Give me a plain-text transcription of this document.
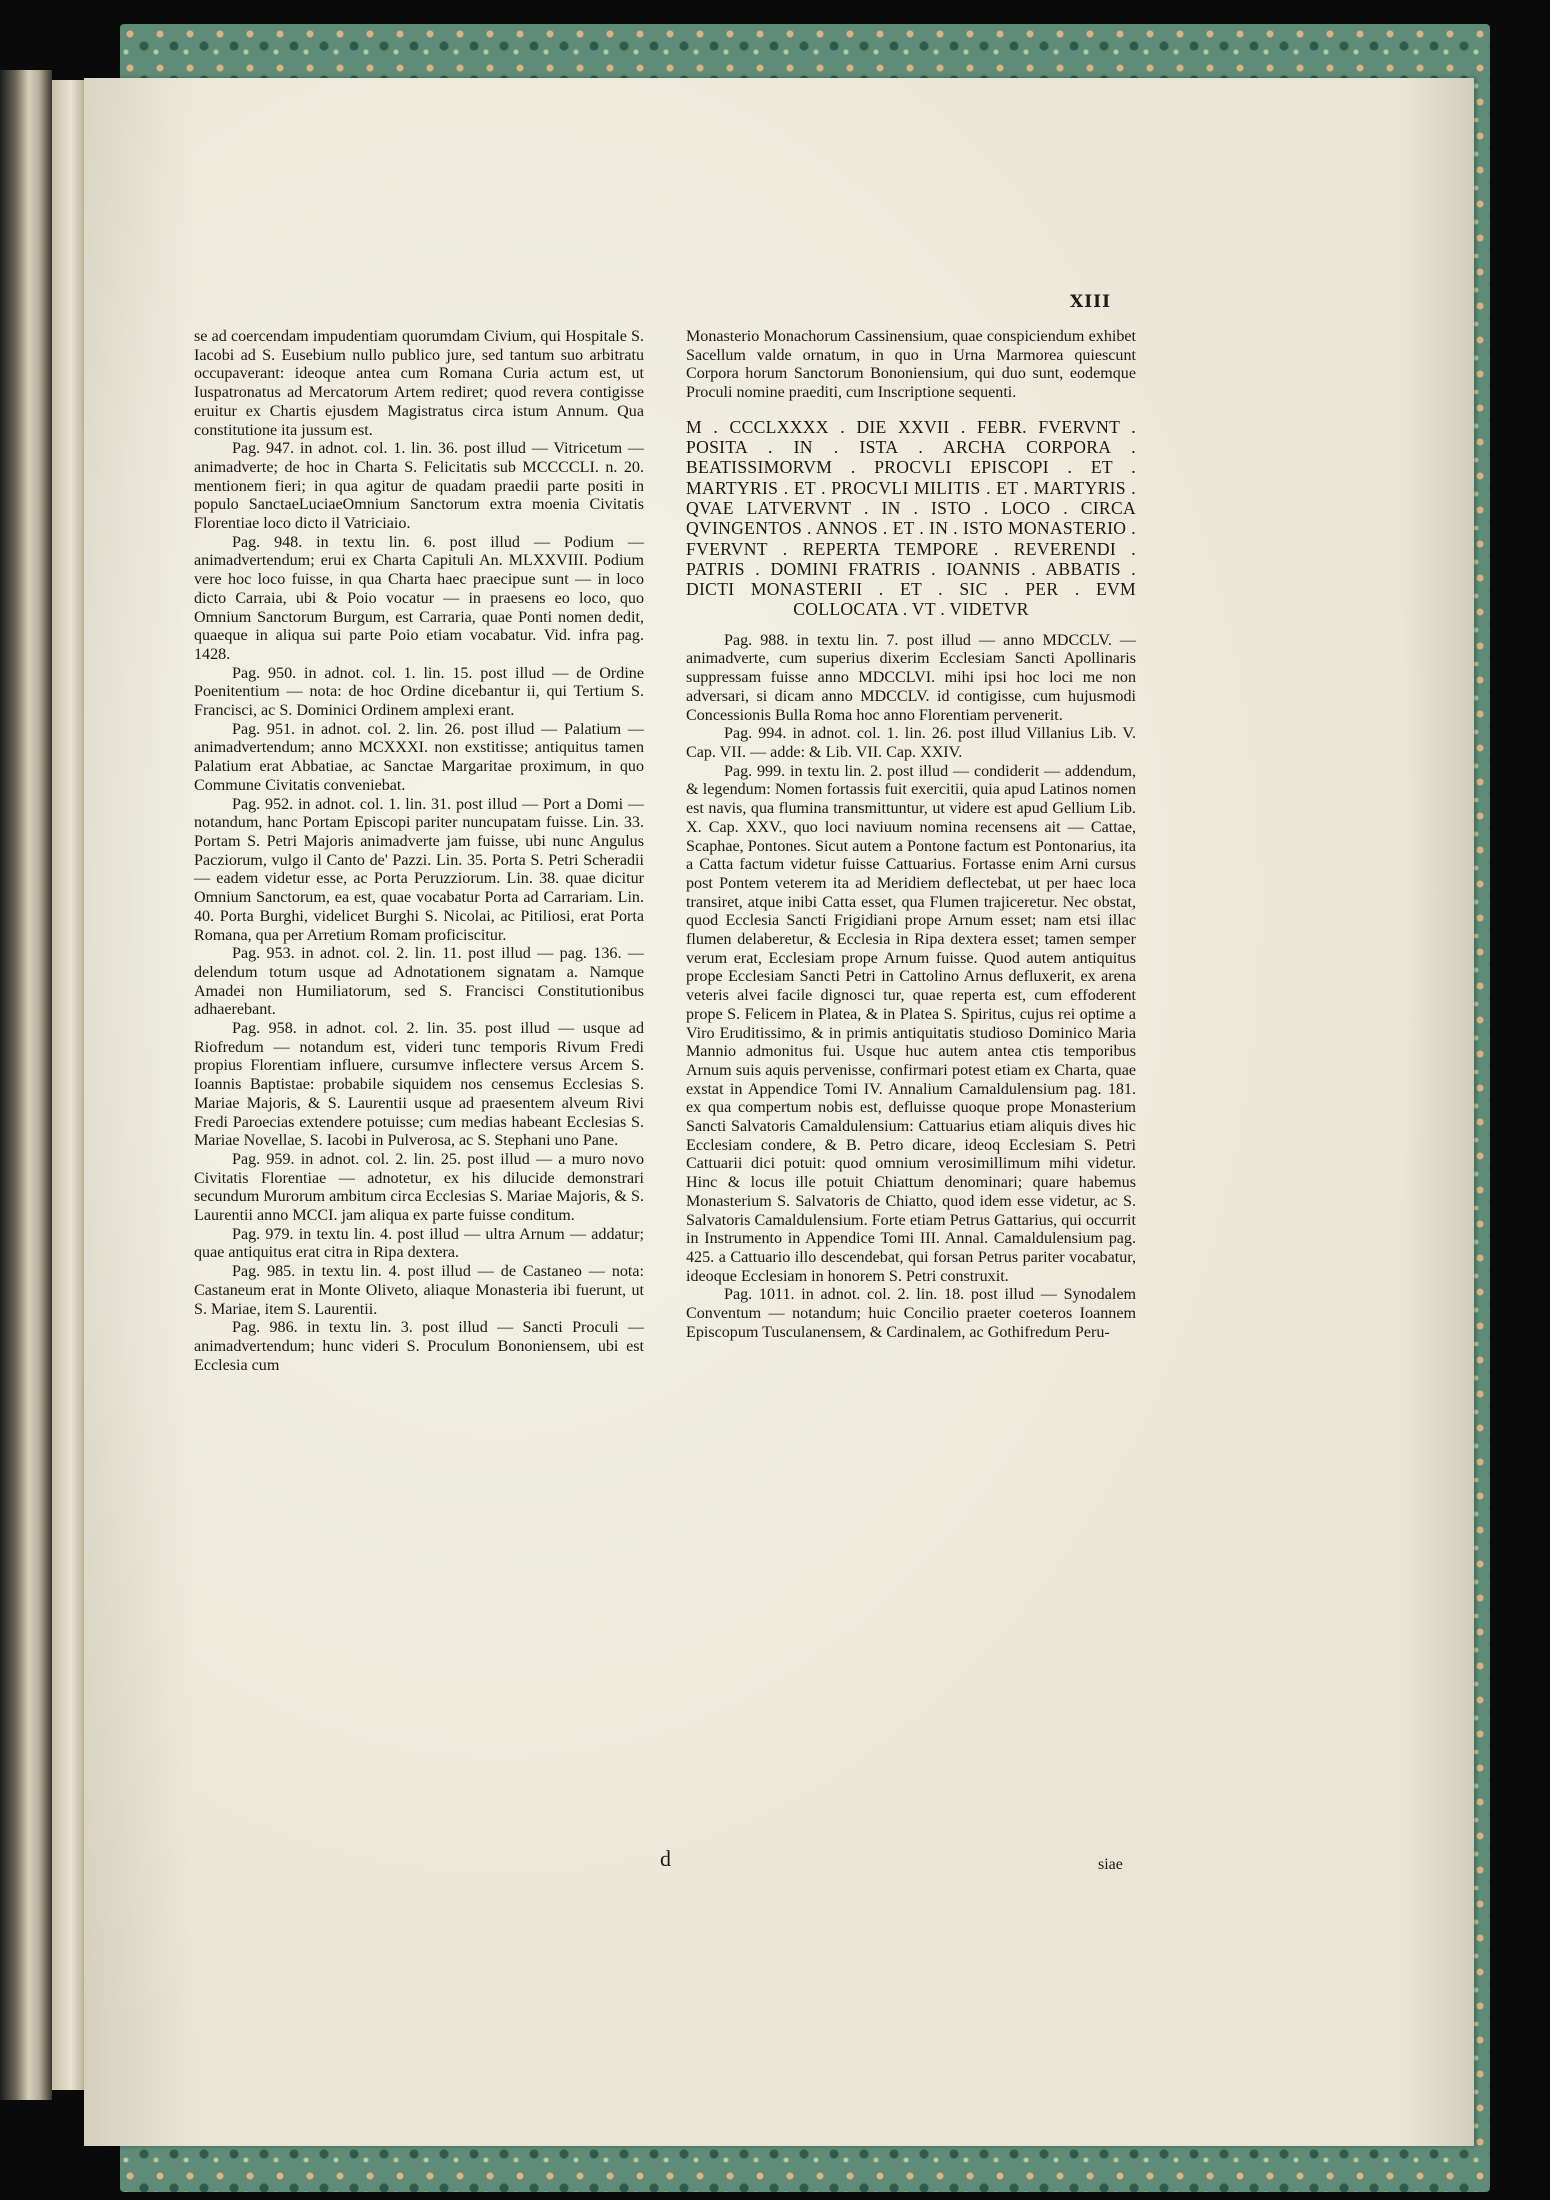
XIII

se ad coercendam impudentiam quorumdam Civium, qui Hospitale S. Iacobi ad S. Eusebium nullo publico jure, sed tantum suo arbitratu occupaverant: ideoque antea cum Romana Curia actum est, ut Iuspatronatus ad Mercatorum Artem rediret; quod revera contigisse eruitur ex Chartis ejusdem Magistratus circa istum Annum. Qua constitutione ita jussum est.

Pag. 947. in adnot. col. 1. lin. 36. post illud — Vitricetum — animadverte; de hoc in Charta S. Felicitatis sub MCCCCLI. n. 20. mentionem fieri; in qua agitur de quadam praedii parte positi in populo SanctaeLuciaeOmnium Sanctorum extra moenia Civitatis Florentiae loco dicto il Vatriciaio.

Pag. 948. in textu lin. 6. post illud — Podium — animadvertendum; erui ex Charta Capituli An. MLXXVIII. Podium vere hoc loco fuisse, in qua Charta haec praecipue sunt — in loco dicto Carraia, ubi & Poio vocatur — in praesens eo loco, quo Omnium Sanctorum Burgum, est Carraria, quae Ponti nomen dedit, quaeque in aliqua sui parte Poio etiam vocabatur. Vid. infra pag. 1428.

Pag. 950. in adnot. col. 1. lin. 15. post illud — de Ordine Poenitentium — nota: de hoc Ordine dicebantur ii, qui Tertium S. Francisci, ac S. Dominici Ordinem amplexi erant.

Pag. 951. in adnot. col. 2. lin. 26. post illud — Palatium — animadvertendum; anno MCXXXI. non exstitisse; antiquitus tamen Palatium erat Abbatiae, ac Sanctae Margaritae proximum, in quo Commune Civitatis conveniebat.

Pag. 952. in adnot. col. 1. lin. 31. post illud — Port a Domi — notandum, hanc Portam Episcopi pariter nuncupatam fuisse. Lin. 33. Portam S. Petri Majoris animadverte jam fuisse, ubi nunc Angulus Pacziorum, vulgo il Canto de' Pazzi. Lin. 35. Porta S. Petri Scheradii — eadem videtur esse, ac Porta Peruzziorum. Lin. 38. quae dicitur Omnium Sanctorum, ea est, quae vocabatur Porta ad Carrariam. Lin. 40. Porta Burghi, videlicet Burghi S. Nicolai, ac Pitiliosi, erat Porta Romana, qua per Arretium Romam proficiscitur.

Pag. 953. in adnot. col. 2. lin. 11. post illud — pag. 136. — delendum totum usque ad Adnotationem signatam a. Namque Amadei non Humiliatorum, sed S. Francisci Constitutionibus adhaerebant.

Pag. 958. in adnot. col. 2. lin. 35. post illud — usque ad Riofredum — notandum est, videri tunc temporis Rivum Fredi propius Florentiam influere, cursumve inflectere versus Arcem S. Ioannis Baptistae: probabile siquidem nos censemus Ecclesias S. Mariae Majoris, & S. Laurentii usque ad praesentem alveum Rivi Fredi Paroecias extendere potuisse; cum medias habeant Ecclesias S. Mariae Novellae, S. Iacobi in Pulverosa, ac S. Stephani uno Pane.

Pag. 959. in adnot. col. 2. lin. 25. post illud — a muro novo Civitatis Florentiae — adnotetur, ex his dilucide demonstrari secundum Murorum ambitum circa Ecclesias S. Mariae Majoris, & S. Laurentii anno MCCI. jam aliqua ex parte fuisse conditum.

Pag. 979. in textu lin. 4. post illud — ultra Arnum — addatur; quae antiquitus erat citra in Ripa dextera.

Pag. 985. in textu lin. 4. post illud — de Castaneo — nota: Castaneum erat in Monte Oliveto, aliaque Monasteria ibi fuerunt, ut S. Mariae, item S. Laurentii.

Pag. 986. in textu lin. 3. post illud — Sancti Proculi — animadvertendum; hunc videri S. Proculum Bononiensem, ubi est Ecclesia cum

Monasterio Monachorum Cassinensium, quae conspiciendum exhibet Sacellum valde ornatum, in quo in Urna Marmorea quiescunt Corpora horum Sanctorum Bononiensium, qui duo sunt, eodemque Proculi nomine praediti, cum Inscriptione sequenti.

M . CCCLXXXX . DIE XXVII . FEBR. FVERVNT . POSITA . IN . ISTA . ARCHA CORPORA . BEATISSIMORVM . PROCVLI EPISCOPI . ET . MARTYRIS . ET . PROCVLI MILITIS . ET . MARTYRIS . QVAE LATVERVNT . IN . ISTO . LOCO . CIRCA QVINGENTOS . ANNOS . ET . IN . ISTO MONASTERIO . FVERVNT . REPERTA TEMPORE . REVERENDI . PATRIS . DOMINI FRATRIS . IOANNIS . ABBATIS . DICTI MONASTERII . ET . SIC . PER . EVM COLLOCATA . VT . VIDETVR

Pag. 988. in textu lin. 7. post illud — anno MDCCLV. — animadverte, cum superius dixerim Ecclesiam Sancti Apollinaris suppressam fuisse anno MDCCLVI. mihi ipsi hoc loci me non adversari, si dicam anno MDCCLV. id contigisse, cum hujusmodi Concessionis Bulla Roma hoc anno Florentiam pervenerit.

Pag. 994. in adnot. col. 1. lin. 26. post illud Villanius Lib. V. Cap. VII. — adde: & Lib. VII. Cap. XXIV.

Pag. 999. in textu lin. 2. post illud — condiderit — addendum, & legendum: Nomen fortassis fuit exercitii, quia apud Latinos nomen est navis, qua flumina transmittuntur, ut videre est apud Gellium Lib. X. Cap. XXV., quo loci naviuum nomina recensens ait — Cattae, Scaphae, Pontones. Sicut autem a Pontone factum est Pontonarius, ita a Catta factum videtur fuisse Cattuarius. Fortasse enim Arni cursus post Pontem veterem ita ad Meridiem deflectebat, ut per haec loca transiret, atque inibi Catta esset, qua Flumen trajiceretur. Nec obstat, quod Ecclesia Sancti Frigidiani prope Arnum esset; nam etsi illac flumen delaberetur, & Ecclesia in Ripa dextera esset; tamen semper verum erat, Ecclesiam prope Arnum fuisse. Quod autem antiquitus prope Ecclesiam Sancti Petri in Cattolino Arnus defluxerit, ex arena veteris alvei facile dignosci tur, quae reperta est, cum effoderent prope S. Felicem in Platea, & in Platea S. Spiritus, cujus rei optime a Viro Eruditissimo, & in primis antiquitatis studioso Dominico Maria Mannio admonitus fui. Usque huc autem antea ctis temporibus Arnum suis aquis pervenisse, confirmari potest etiam ex Charta, quae exstat in Appendice Tomi IV. Annalium Camaldulensium pag. 181. ex qua compertum nobis est, defluisse quoque prope Monasterium Sancti Salvatoris Camaldulensium: Cattuarius etiam aliquis dives hic Ecclesiam condere, & B. Petro dicare, ideoq Ecclesiam S. Petri Cattuarii dici potuit: quod omnium verosimillimum mihi videtur. Hinc & locus ille potuit Chiattum denominari; quare habemus Monasterium S. Salvatoris de Chiatto, quod idem esse videtur, ac S. Salvatoris Camaldulensium. Forte etiam Petrus Gattarius, qui occurrit in Instrumento in Appendice Tomi III. Annal. Camaldulensium pag. 425. a Cattuario illo descendebat, qui forsan Petrus pariter vocabatur, ideoque Ecclesiam in honorem S. Petri construxit.

Pag. 1011. in adnot. col. 2. lin. 18. post illud — Synodalem Conventum — notandum; huic Concilio praeter coeteros Ioannem Episcopum Tusculanensem, & Cardinalem, ac Gothifredum Peru-

d	siae
